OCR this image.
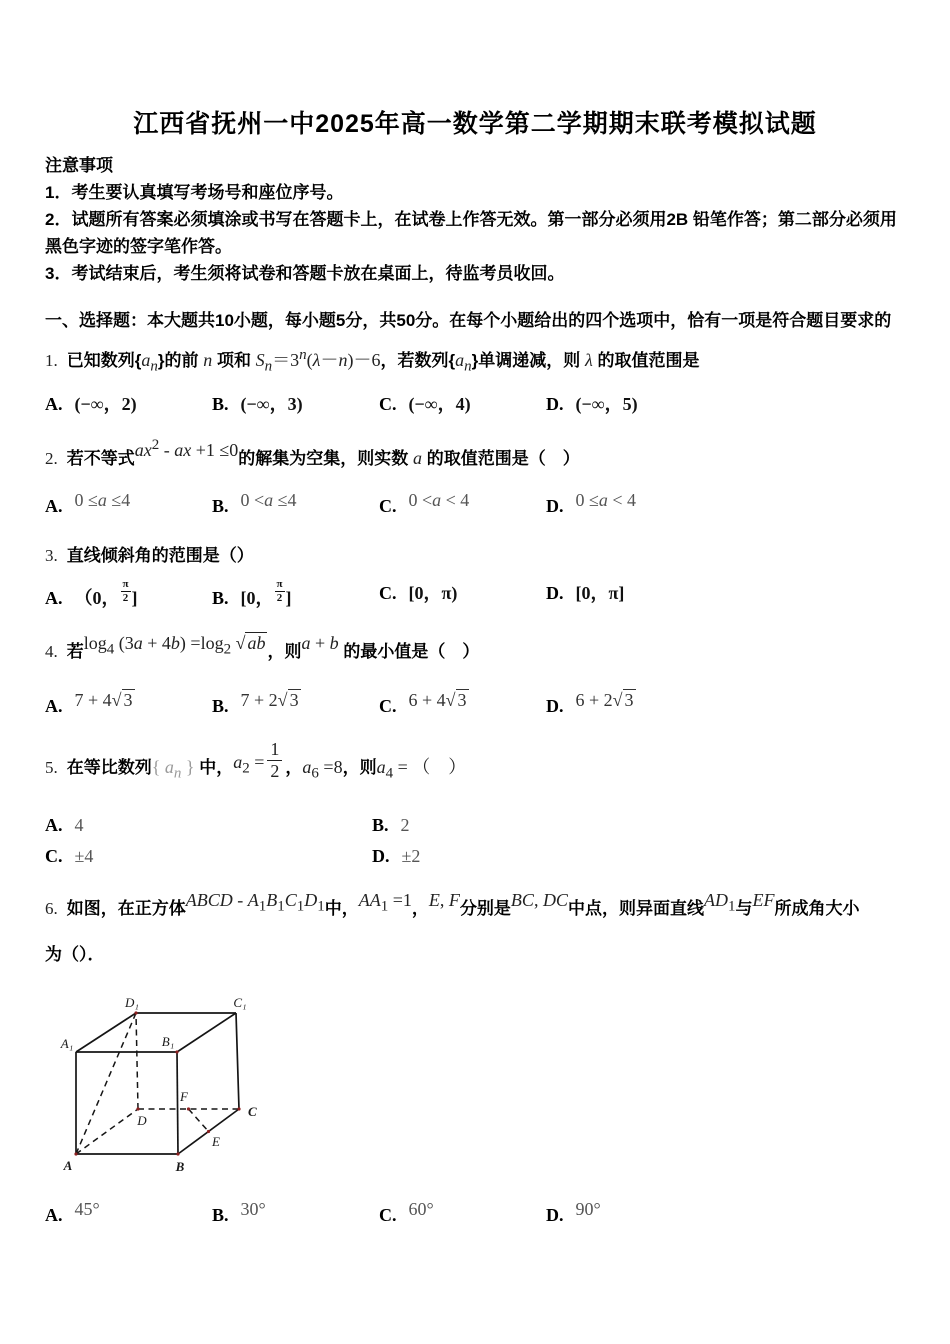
江西省抚州一中2025年高一数学第二学期期末联考模拟试题
注意事项
1．考生要认真填写考场号和座位序号。
2．试题所有答案必须填涂或书写在答题卡上，在试卷上作答无效。第一部分必须用2B 铅笔作答；第二部分必须用黑色字迹的签字笔作答。
3．考试结束后，考生须将试卷和答题卡放在桌面上，待监考员收回。
一、选择题：本大题共10小题，每小题5分，共50分。在每个小题给出的四个选项中，恰有一项是符合题目要求的
1. 已知数列$\{a_n\}$的前 n 项和 $S_n=3^n(\lambda-n)-6$，若数列$\{a_n\}$单调递减，则 λ 的取值范围是
A. (−∞，2)	B. (−∞，3)	C. (−∞，4)	D. (−∞，5)
2. 若不等式$ax^2$ - ax +1 ≤0的解集为空集，则实数 a 的取值范围是（　）
A. 0 ≤a ≤4	B. 0 <a ≤4	C. 0 <a < 4	D. 0 ≤a < 4
3. 直线倾斜角的范围是（）
A. （0， $\frac{\pi}{2}$ ]	B. [0， $\frac{\pi}{2}$ ]	C. [0，π)	D. [0，π]
4. 若$\log_4 (3a + 4b) =\log_2$ √ ab ，则a + b 的最小值是（　）
A. 7 + 4√ 3	B. 7 + 2√ 3	C. 6 + 4√ 3	D. 6 + 2√ 3
5. 在等比数列{ $a_n$ } 中，$a_2 = \frac{1}{2}$ ，$a_6 =8$，则$a_4$ = （　）
A. 4	B. 2
C. ±4	D. ±2
6. 如图，在正方体ABCD - $A_1B_1C_1D_1$中，$AA_1 =1$，E, F分别是BC, DC中点，则异面直线$AD_1$与EF所成角大小
为（）．
A₁
D₁	C₁
B₁
F
D
C
E
A	B
A. 45°	B. 30°	C. 60°	D. 90°
